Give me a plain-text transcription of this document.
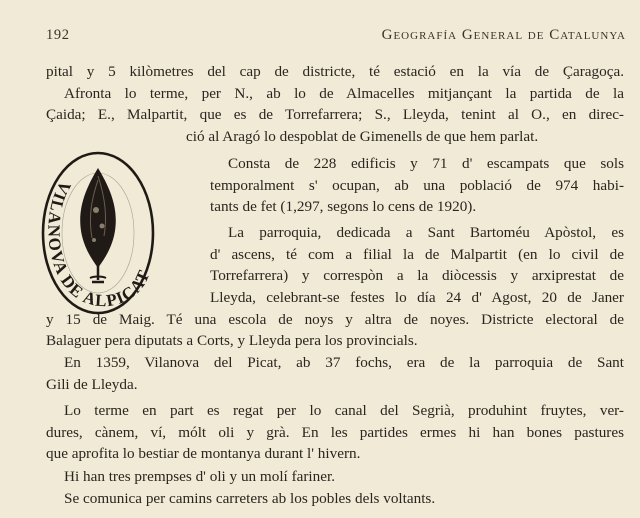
192	Geografía General de Catalunya
VILANOVA DE ALPICAT
pital y 5 kilòmetres del cap de districte, té estació en la vía de Çaragoça.
Afronta lo terme, per N., ab lo de Almacelles mitjançant la partida de la
Çaida; E., Malpartit, que es de Torrefarrera; S., Lleyda, tenint al O., en direc-
ció al Aragó lo despoblat de Gimenells de que hem parlat.
Consta de 228 edificis y 71 d' escampats que sols
temporalment s' ocupan, ab una població de 974 habi-
tants de fet (1,297, segons lo cens de 1920).
La parroquia, dedicada a Sant Bartoméu Apòstol, es
d' ascens, té com a filial la de Malpartit (en lo civil de
Torrefarrera) y correspòn a la diòcessis y arxiprestat de
Lleyda, celebrant-se festes lo día 24 d' Agost, 20 de Janer
y 15 de Maig. Té una escola de noys y altra de noyes. Districte electoral de
Balaguer pera diputats a Corts, y Lleyda pera los provincials.
En 1359, Vilanova del Picat, ab 37 fochs, era de la parroquia de Sant
Gili de Lleyda.
Lo terme en part es regat per lo canal del Segrià, produhint fruytes, ver-
dures, cànem, ví, mólt oli y grà. En les partides ermes hi han bones pastures
que aprofita lo bestiar de montanya durant l' hivern.
Hi han tres prempses d' oli y un molí fariner.
Se comunica per camins carreters ab los pobles dels voltants.
